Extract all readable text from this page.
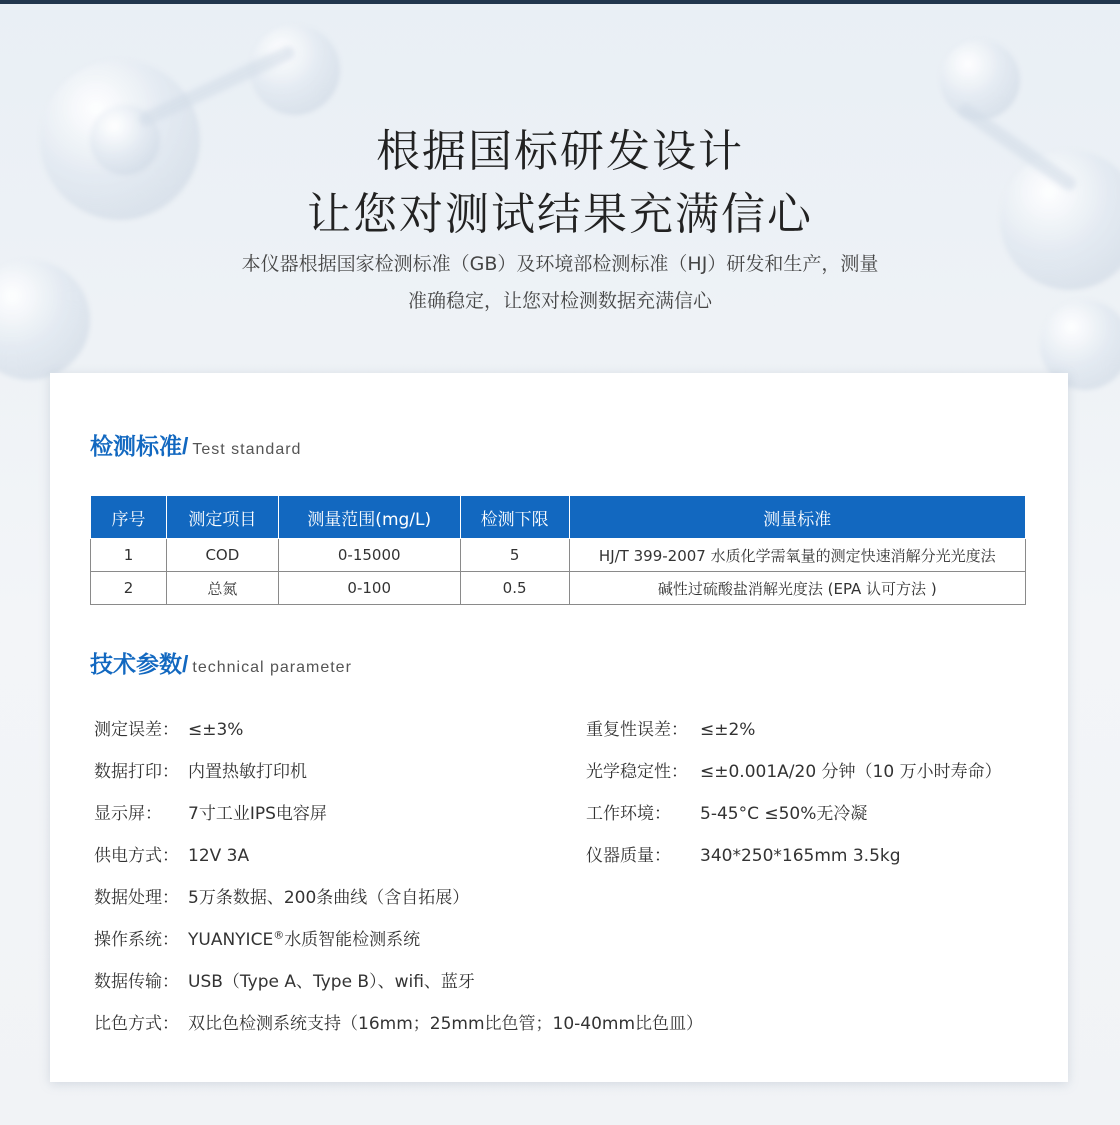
根据国标研发设计
让您对测试结果充满信心
本仪器根据国家检测标准（GB）及环境部检测标准（HJ）研发和生产，测量
准确稳定，让您对检测数据充满信心
检测标准/ Test standard
序号	测定项目	测量范围(mg/L)	检测下限	测量标准
1	COD	0-15000	5	HJ/T 399-2007 水质化学需氧量的测定快速消解分光光度法
2	总氮	0-100	0.5	碱性过硫酸盐消解光度法 (EPA 认可方法 )
技术参数/ technical parameter
测定误差： ≤±3%
数据打印： 内置热敏打印机
显示屏： 7寸工业IPS电容屏
供电方式： 12V 3A
数据处理： 5万条数据、200条曲线（含自拓展）
操作系统： YUANYICE®水质智能检测系统
数据传输： USB（Type A、Type B）、wifi、蓝牙
比色方式： 双比色检测系统支持（16mm；25mm比色管；10-40mm比色皿）
重复性误差： ≤±2%
光学稳定性： ≤±0.001A/20 分钟（10 万小时寿命）
工作环境： 5-45°C ≤50%无冷凝
仪器质量： 340*250*165mm 3.5kg
